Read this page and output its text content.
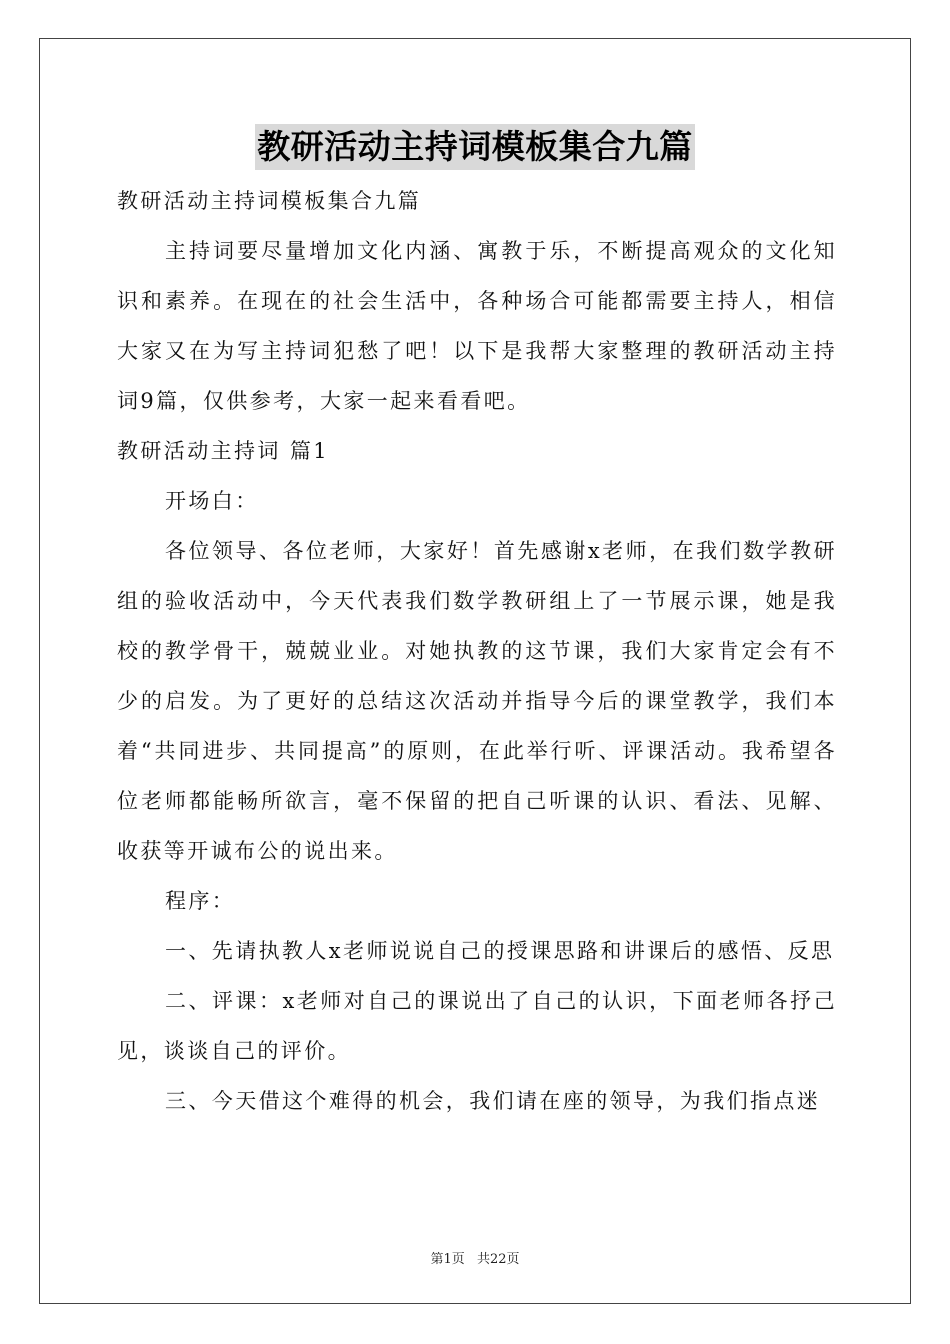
教研活动主持词模板集合九篇

教研活动主持词模板集合九篇

主持词要尽量增加文化内涵、寓教于乐，不断提高观众的文化知识和素养。在现在的社会生活中，各种场合可能都需要主持人，相信大家又在为写主持词犯愁了吧！以下是我帮大家整理的教研活动主持词9篇，仅供参考，大家一起来看看吧。

教研活动主持词 篇1

开场白：

各位领导、各位老师，大家好！首先感谢x老师，在我们数学教研组的验收活动中，今天代表我们数学教研组上了一节展示课，她是我校的教学骨干，兢兢业业。对她执教的这节课，我们大家肯定会有不少的启发。为了更好的总结这次活动并指导今后的课堂教学，我们本着“共同进步、共同提高”的原则，在此举行听、评课活动。我希望各位老师都能畅所欲言，毫不保留的把自己听课的认识、看法、见解、收获等开诚布公的说出来。

程序：

一、先请执教人x老师说说自己的授课思路和讲课后的感悟、反思

二、评课：x老师对自己的课说出了自己的认识，下面老师各抒己见，谈谈自己的评价。

三、今天借这个难得的机会，我们请在座的领导，为我们指点迷

第1页 共22页
